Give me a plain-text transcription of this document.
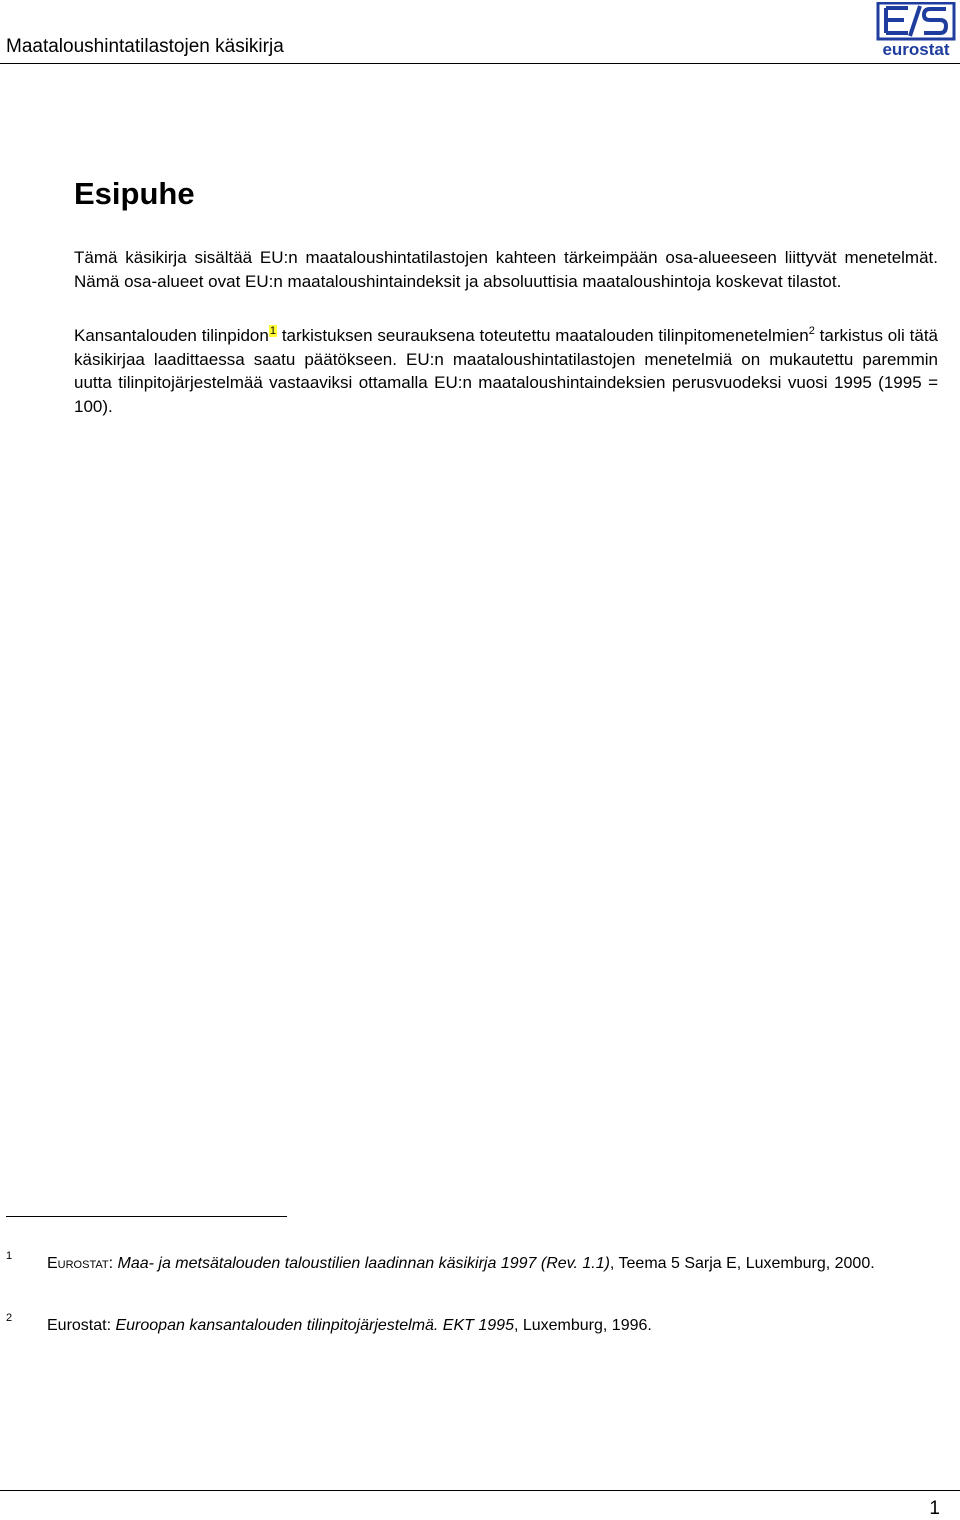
Maataloushintatilastojen käsikirja	eurostat
Esipuhe

Tämä käsikirja sisältää EU:n maataloushintatilastojen kahteen tärkeimpään osa-alueeseen liittyvät menetelmät. Nämä osa-alueet ovat EU:n maataloushintaindeksit ja absoluuttisia maataloushintoja koskevat tilastot.

Kansantalouden tilinpidon$^1$ tarkistuksen seurauksena toteutettu maatalouden tilinpitomenetelmien$^2$ tarkistus oli tätä käsikirjaa laadittaessa saatu päätökseen. EU:n maataloushintatilastojen menetelmiä on mukautettu paremmin uutta tilinpitojärjestelmää vastaaviksi ottamalla EU:n maataloushintaindeksien perusvuodeksi vuosi 1995 (1995 = 100).

1 Eurostat: Maa- ja metsätalouden taloustilien laadinnan käsikirja 1997 (Rev. 1.1), Teema 5 Sarja E, Luxemburg, 2000.
2 Eurostat: Euroopan kansantalouden tilinpitojärjestelmä. EKT 1995, Luxemburg, 1996.
1
